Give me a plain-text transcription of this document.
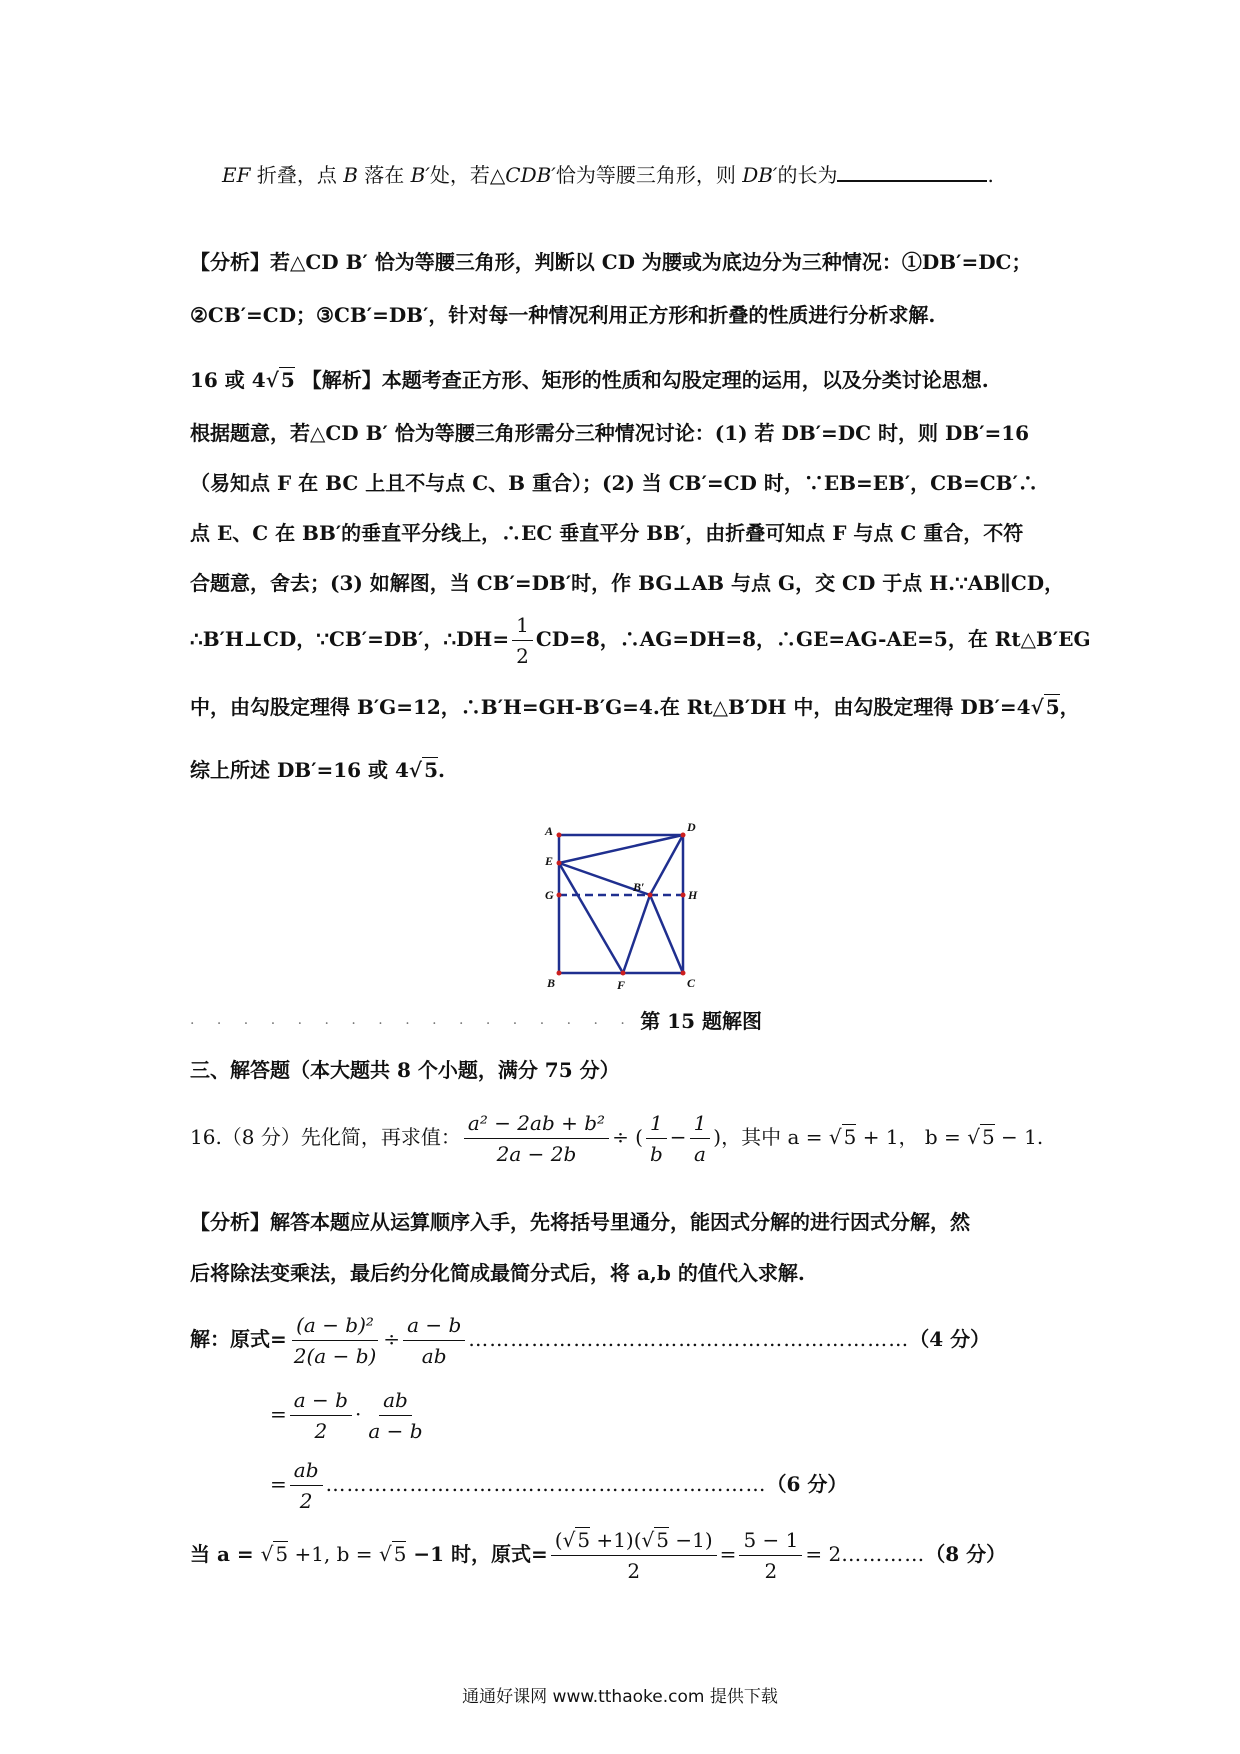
EF 折叠，点 B 落在 B′处，若△CDB′恰为等腰三角形，则 DB′的长为	.
【分析】若△CD B′ 恰为等腰三角形，判断以 CD 为腰或为底边分为三种情况：①DB′=DC；
②CB′=CD；③CB′=DB′，针对每一种情况利用正方形和折叠的性质进行分析求解.
16 或 4√ 5 【解析】本题考查正方形、矩形的性质和勾股定理的运用，以及分类讨论思想.
根据题意，若△CD B′ 恰为等腰三角形需分三种情况讨论：(1) 若 DB′=DC 时，则 DB′=16
（易知点 F 在 BC 上且不与点 C、B 重合）；(2) 当 CB′=CD 时，∵EB=EB′，CB=CB′∴
点 E、C 在 BB′的垂直平分线上，∴EC 垂直平分 BB′，由折叠可知点 F 与点 C 重合，不符
合题意，舍去；(3) 如解图，当 CB′=DB′时，作 BG⊥AB 与点 G，交 CD 于点 H.∵AB∥CD，
∴B′H⊥CD，∵CB′=DB′，∴DH= $\frac{1}{2} CD=8$，∴AG=DH=8，∴GE=AG-AE=5，在 Rt△B′EG
中，由勾股定理得 B′G=12，∴B′H=GH-B′G=4.在 Rt△B′DH 中，由勾股定理得 DB′=4√ 5，
综上所述 DB′=16 或 4√ 5.
A	D
E
G
B′
H
B	F	C
· · · · · · · · · · · · · · · · · 第 15 题解图
三、解答题（本大题共 8 个小题，满分 75 分）
16.（8 分）先化简，再求值： $\frac{\text{a² − 2ab + b²}}{2a - 2b}$ ÷ ( $\frac{1}{b} - \frac{1}{a}$ )，其中 a = √ 5 + 1， b = √ 5 − 1.
【分析】解答本题应从运算顺序入手，先将括号里通分，能因式分解的进行因式分解，然
后将除法变乘法，最后约分化简成最简分式后，将 a,b 的值代入求解.
解：原式= $\frac{\text{(a − b)²}}{2(a - b)} \div \frac{a - b}{ab}$ ………………………………………………………（4 分）
= $\frac{a - b}{2} \cdot \frac{ab}{a - b}$
= $\frac{ab}{2}$ ………………………………………………………（6 分）
当 a = √ 5 +1, b = √ 5 −1 时，原式= $\frac{(√ 5 +1)(√ 5 -1)}{2} = \frac{5 - 1}{2}$ = 2…………（8 分）
通通好课网 www.tthaoke.com 提供下载
